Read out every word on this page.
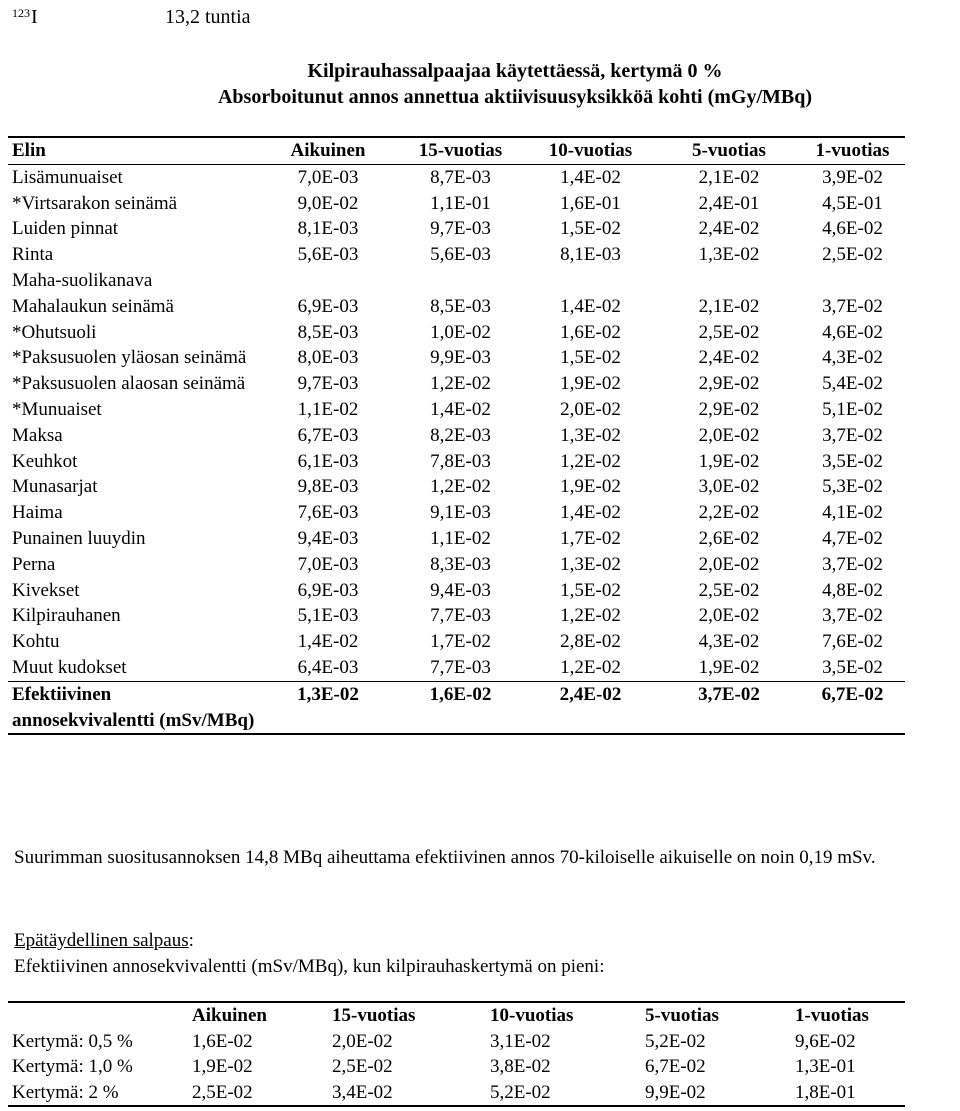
$^{123}$I	13,2 tuntia
Kilpirauhassalpaajaa käytettäessä, kertymä 0 %
Absorboitunut annos annettua aktiivisuusyksikköä kohti (mGy/MBq)
Elin	Aikuinen	15-vuotias	10-vuotias	5-vuotias	1-vuotias
Lisämunuaiset	7,0E-03	8,7E-03	1,4E-02	2,1E-02	3,9E-02
*Virtsarakon seinämä	9,0E-02	1,1E-01	1,6E-01	2,4E-01	4,5E-01
Luiden pinnat	8,1E-03	9,7E-03	1,5E-02	2,4E-02	4,6E-02
Rinta	5,6E-03	5,6E-03	8,1E-03	1,3E-02	2,5E-02
Maha-suolikanava					
Mahalaukun seinämä	6,9E-03	8,5E-03	1,4E-02	2,1E-02	3,7E-02
*Ohutsuoli	8,5E-03	1,0E-02	1,6E-02	2,5E-02	4,6E-02
*Paksusuolen yläosan seinämä	8,0E-03	9,9E-03	1,5E-02	2,4E-02	4,3E-02
*Paksusuolen alaosan seinämä	9,7E-03	1,2E-02	1,9E-02	2,9E-02	5,4E-02
*Munuaiset	1,1E-02	1,4E-02	2,0E-02	2,9E-02	5,1E-02
Maksa	6,7E-03	8,2E-03	1,3E-02	2,0E-02	3,7E-02
Keuhkot	6,1E-03	7,8E-03	1,2E-02	1,9E-02	3,5E-02
Munasarjat	9,8E-03	1,2E-02	1,9E-02	3,0E-02	5,3E-02
Haima	7,6E-03	9,1E-03	1,4E-02	2,2E-02	4,1E-02
Punainen luuydin	9,4E-03	1,1E-02	1,7E-02	2,6E-02	4,7E-02
Perna	7,0E-03	8,3E-03	1,3E-02	2,0E-02	3,7E-02
Kivekset	6,9E-03	9,4E-03	1,5E-02	2,5E-02	4,8E-02
Kilpirauhanen	5,1E-03	7,7E-03	1,2E-02	2,0E-02	3,7E-02
Kohtu	1,4E-02	1,7E-02	2,8E-02	4,3E-02	7,6E-02
Muut kudokset	6,4E-03	7,7E-03	1,2E-02	1,9E-02	3,5E-02
Efektiivinen annosekvivalentti (mSv/MBq)	1,3E-02	1,6E-02	2,4E-02	3,7E-02	6,7E-02
Suurimman suositusannoksen 14,8 MBq aiheuttama efektiivinen annos 70-kiloiselle aikuiselle on noin 0,19 mSv.
Epätäydellinen salpaus:
Efektiivinen annosekvivalentti (mSv/MBq), kun kilpirauhaskertymä on pieni:
	Aikuinen	15-vuotias	10-vuotias	5-vuotias	1-vuotias
Kertymä: 0,5 %	1,6E-02	2,0E-02	3,1E-02	5,2E-02	9,6E-02
Kertymä: 1,0 %	1,9E-02	2,5E-02	3,8E-02	6,7E-02	1,3E-01
Kertymä: 2 %	2,5E-02	3,4E-02	5,2E-02	9,9E-02	1,8E-01
